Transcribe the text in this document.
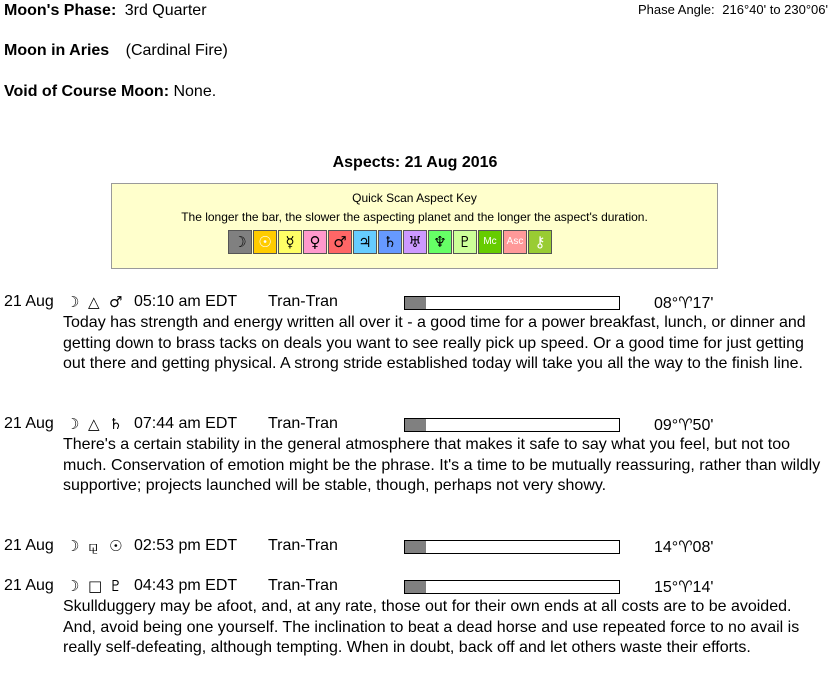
Moon's Phase: 3rd Quarter	Phase Angle: 216°40' to 230°06'
Moon in Aries (Cardinal Fire)
Void of Course Moon: None.
Aspects: 21 Aug 2016
Quick Scan Aspect Key
The longer the bar, the slower the aspecting planet and the longer the aspect's duration.
☽ ☉ ☿ ♀ ♂ ♃ ♄ ♅ ♆ ♇	Mc Asc ⚷
21 Aug ☽ △ ♂ 05:10 am EDT Tran-Tran	08°♈17'
Today has strength and energy written all over it - a good time for a power breakfast, lunch, or dinner and getting down to brass tacks on deals you want to see really pick up speed. Or a good time for just getting out there and getting physical. A strong stride established today will take you all the way to the finish line.
21 Aug ☽ △ ♄ 07:44 am EDT Tran-Tran	09°♈50'
There's a certain stability in the general atmosphere that makes it safe to say what you feel, but not too much. Conservation of emotion might be the phrase. It's a time to be mutually reassuring, rather than wildly supportive; projects launched will be stable, though, perhaps not very showy.
21 Aug ☽ ⚼ ☉ 02:53 pm EDT Tran-Tran	14°♈08'
21 Aug ☽ □ ♇ 04:43 pm EDT Tran-Tran	15°♈14'
Skullduggery may be afoot, and, at any rate, those out for their own ends at all costs are to be avoided. And, avoid being one yourself. The inclination to beat a dead horse and use repeated force to no avail is really self-defeating, although tempting. When in doubt, back off and let others waste their efforts.
